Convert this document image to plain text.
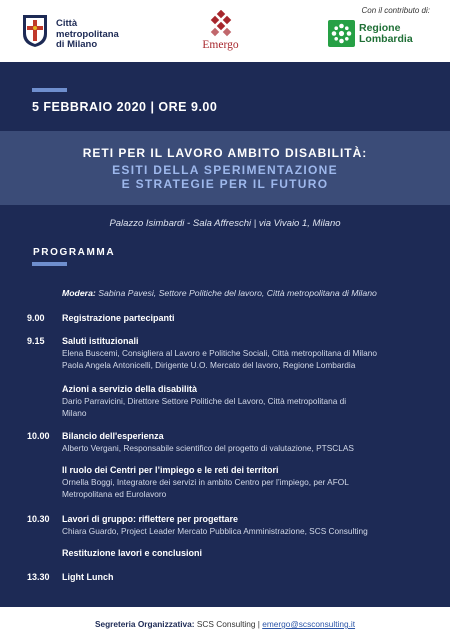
Città
metropolitana
di Milano	Emergo
Con il contributo di:
Regione
Lombardia
5 FEBBRAIO 2020 | ORE 9.00
RETI PER IL LAVORO AMBITO DISABILITÀ:
ESITI DELLA SPERIMENTAZIONE
E STRATEGIE PER IL FUTURO
Palazzo Isimbardi - Sala Affreschi | via Vivaio 1, Milano
PROGRAMMA
Modera: Sabina Pavesi, Settore Politiche del lavoro, Città metropolitana di Milano
9.00 Registrazione partecipanti
9.15 Saluti istituzionali
Elena Buscemi, Consigliera al Lavoro e Politiche Sociali, Città metropolitana di Milano
Paola Angela Antonicelli, Dirigente U.O. Mercato del lavoro, Regione Lombardia
Azioni a servizio della disabilità
Dario Parravicini, Direttore Settore Politiche del Lavoro, Città metropolitana di
Milano
10.00 Bilancio dell'esperienza
Alberto Vergani, Responsabile scientifico del progetto di valutazione, PTSCLAS
Il ruolo dei Centri per l’impiego e le reti dei territori
Ornella Boggi, Integratore dei servizi in ambito Centro per l’impiego, per AFOL
Metropolitana ed Eurolavoro
10.30 Lavori di gruppo: riflettere per progettare
Chiara Guardo, Project Leader Mercato Pubblica Amministrazione, SCS Consulting
Restituzione lavori e conclusioni
13.30 Light Lunch
Segreteria Organizzativa: SCS Consulting | emergo@scsconsulting.it
